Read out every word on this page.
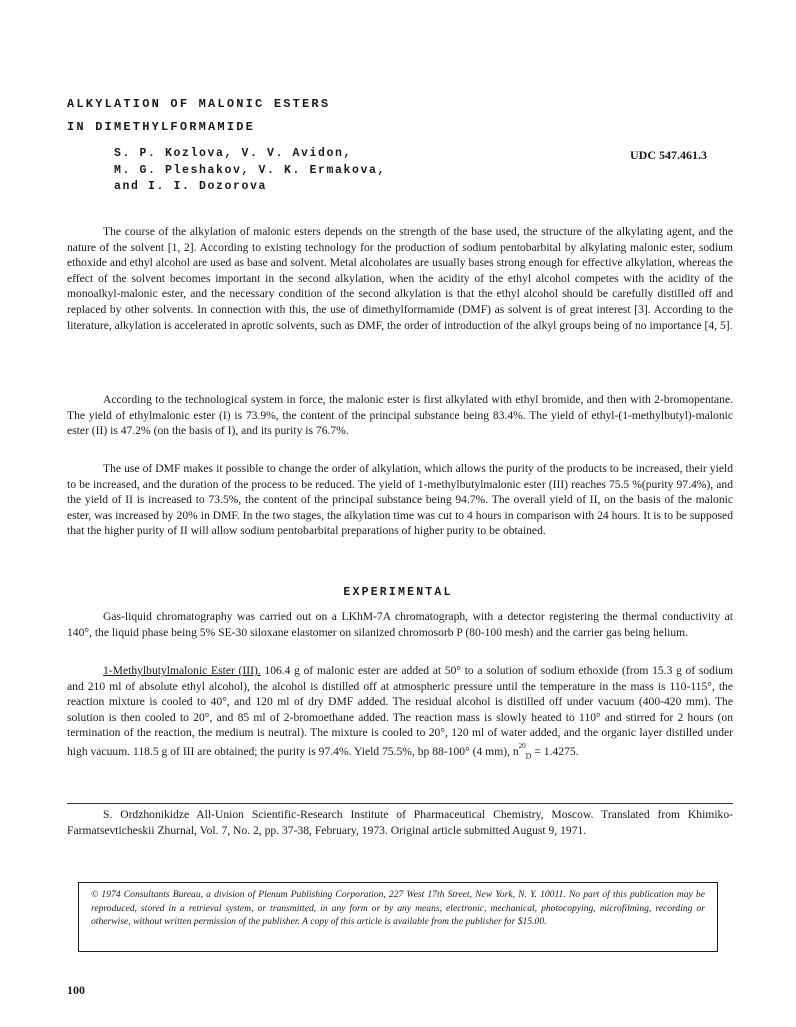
ALKYLATION OF MALONIC ESTERS
IN DIMETHYLFORMAMIDE
S. P. Kozlova, V. V. Avidon,
M. G. Pleshakov, V. K. Ermakova,
and I. I. Dozorova
UDC 547.461.3

The course of the alkylation of malonic esters depends on the strength of the base used, the structure of the alkylating agent, and the nature of the solvent [1, 2]. According to existing technology for the production of sodium pentobarbital by alkylating malonic ester, sodium ethoxide and ethyl alcohol are used as base and solvent. Metal alcoholates are usually bases strong enough for effective alkylation, whereas the effect of the solvent becomes important in the second alkylation, when the acidity of the ethyl alcohol competes with the acidity of the monoalkyl-malonic ester, and the necessary condition of the second alkylation is that the ethyl alcohol should be carefully distilled off and replaced by other solvents. In connection with this, the use of dimethylformamide (DMF) as solvent is of great interest [3]. According to the literature, alkylation is accelerated in aprotic solvents, such as DMF, the order of introduction of the alkyl groups being of no importance [4, 5].

According to the technological system in force, the malonic ester is first alkylated with ethyl bromide, and then with 2-bromopentane. The yield of ethylmalonic ester (I) is 73.9%, the content of the principal substance being 83.4%. The yield of ethyl-(1-methylbutyl)-malonic ester (II) is 47.2% (on the basis of I), and its purity is 76.7%.

The use of DMF makes it possible to change the order of alkylation, which allows the purity of the products to be increased, their yield to be increased, and the duration of the process to be reduced. The yield of 1-methylbutylmalonic ester (III) reaches 75.5 %(purity 97.4%), and the yield of II is increased to 73.5%, the content of the principal substance being 94.7%. The overall yield of II, on the basis of the malonic ester, was increased by 20% in DMF. In the two stages, the alkylation time was cut to 4 hours in comparison with 24 hours. It is to be supposed that the higher purity of II will allow sodium pentobarbital preparations of higher purity to be obtained.

EXPERIMENTAL

Gas-liquid chromatography was carried out on a LKhM-7A chromatograph, with a detector registering the thermal conductivity at 140°, the liquid phase being 5% SE-30 siloxane elastomer on silanized chromosorb P (80-100 mesh) and the carrier gas being helium.

1-Methylbutylmalonic Ester (III). 106.4 g of malonic ester are added at 50° to a solution of sodium ethoxide (from 15.3 g of sodium and 210 ml of absolute ethyl alcohol), the alcohol is distilled off at atmospheric pressure until the temperature in the mass is 110-115°, the reaction mixture is cooled to 40°, and 120 ml of dry DMF added. The residual alcohol is distilled off under vacuum (400-420 mm). The solution is then cooled to 20°, and 85 ml of 2-bromoethane added. The reaction mass is slowly heated to 110° and stirred for 2 hours (on termination of the reaction, the medium is neutral). The mixture is cooled to 20°, 120 ml of water added, and the organic layer distilled under high vacuum. 118.5 g of III are obtained; the purity is 97.4%. Yield 75.5%, bp 88-100° (4 mm), $n^{20}_D = 1.4275$.

S. Ordzhonikidze All-Union Scientific-Research Institute of Pharmaceutical Chemistry, Moscow. Translated from Khimiko-Farmatsevticheskii Zhurnal, Vol. 7, No. 2, pp. 37-38, February, 1973. Original article submitted August 9, 1971.

© 1974 Consultants Bureau, a division of Plenum Publishing Corporation, 227 West 17th Street, New York, N. Y. 10011. No part of this publication may be reproduced, stored in a retrieval system, or transmitted, in any form or by any means, electronic, mechanical, photocopying, microfilming, recording or otherwise, without written permission of the publisher. A copy of this article is available from the publisher for $15.00.
100
